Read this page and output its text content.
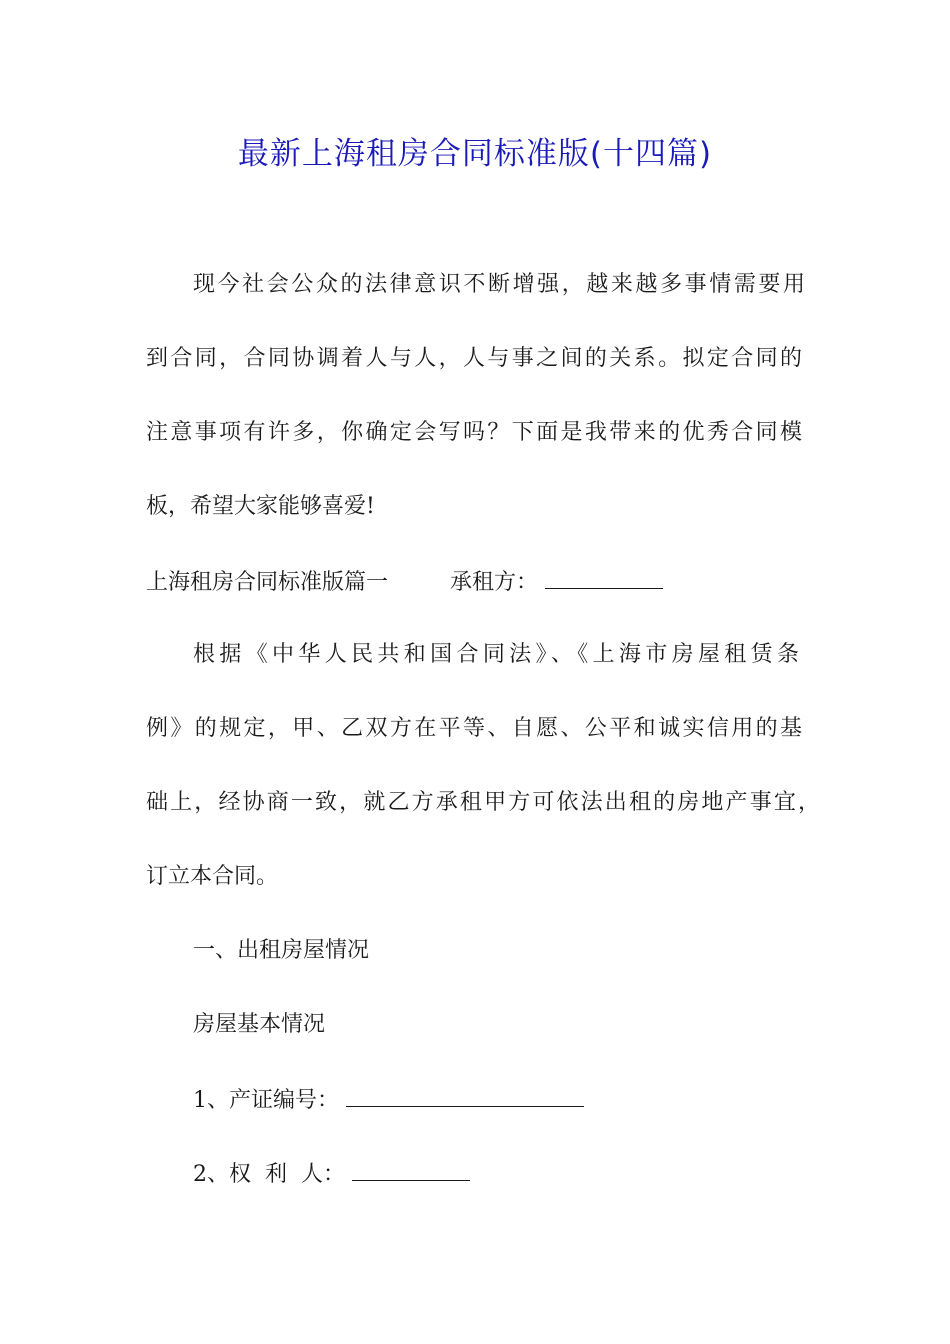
最新上海租房合同标准版(十四篇)
现今社会公众的法律意识不断增强，越来越多事情需要用
到合同，合同协调着人与人，人与事之间的关系。拟定合同的
注意事项有许多，你确定会写吗？下面是我带来的优秀合同模
板，希望大家能够喜爱!
上海租房合同标准版篇一	承租方：
根据《中华人民共和国合同法》、《上海市房屋租赁条
例》的规定，甲、乙双方在平等、自愿、公平和诚实信用的基
础上，经协商一致，就乙方承租甲方可依法出租的房地产事宜，
订立本合同。
一、出租房屋情况
房屋基本情况
1、产证编号：
2、权  利  人：
